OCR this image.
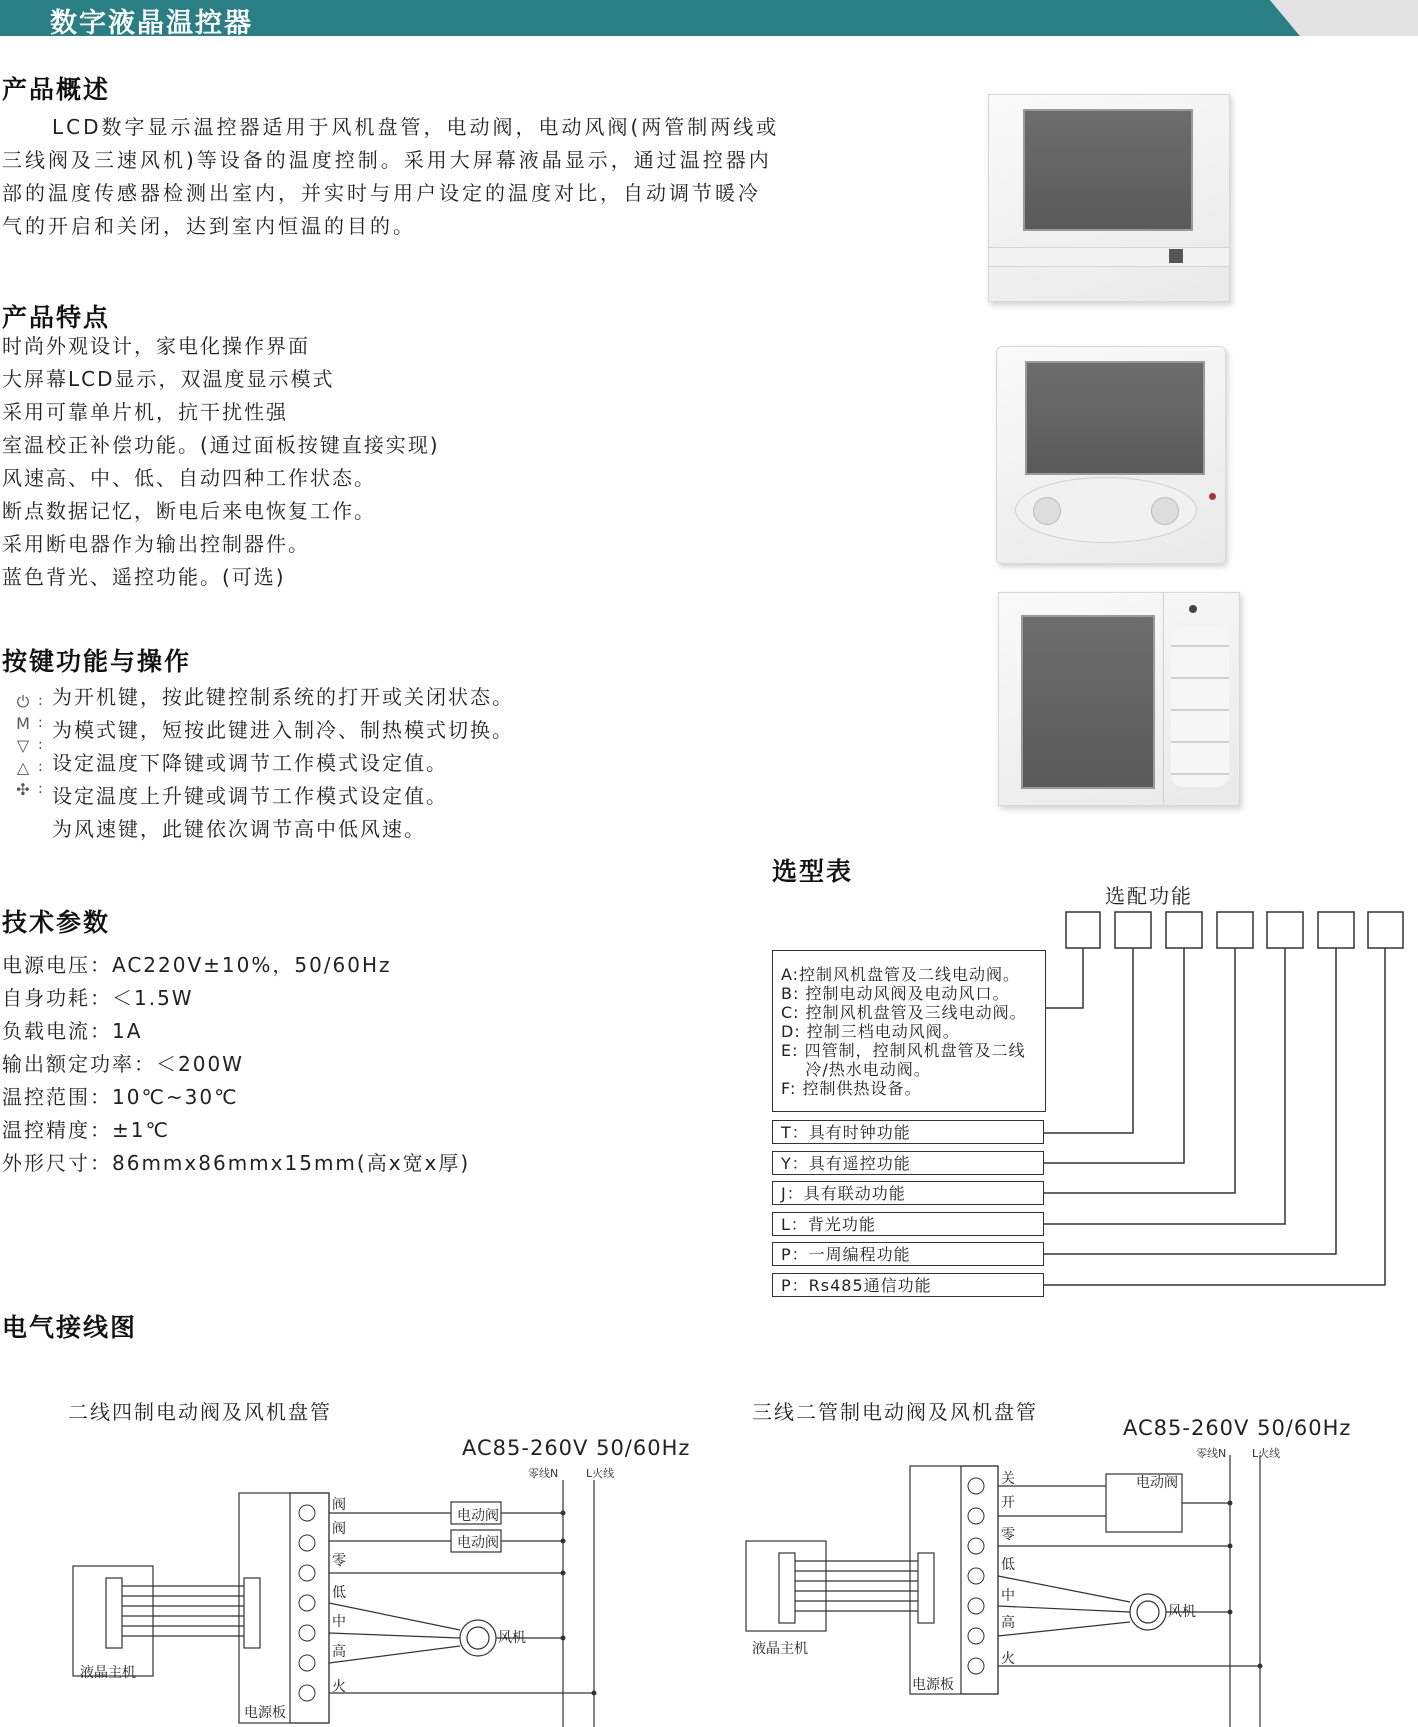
数字液晶温控器
产品概述
LCD数字显示温控器适用于风机盘管，电动阀，电动风阀(两管制两线或三线阀及三速风机)等设备的温度控制。采用大屏幕液晶显示，通过温控器内部的温度传感器检测出室内，并实时与用户设定的温度对比，自动调节暖冷气的开启和关闭，达到室内恒温的目的。
产品特点
时尚外观设计，家电化操作界面
大屏幕LCD显示，双温度显示模式
采用可靠单片机，抗干扰性强
室温校正补偿功能。(通过面板按键直接实现)
风速高、中、低、自动四种工作状态。
断点数据记忆，断电后来电恢复工作。
采用断电器作为输出控制器件。
蓝色背光、遥控功能。(可选)
按键功能与操作
⏻
M
▽
△
✣
:
:
:
:
:
为开机键，按此键控制系统的打开或关闭状态。
为模式键，短按此键进入制冷、制热模式切换。
设定温度下降键或调节工作模式设定值。
设定温度上升键或调节工作模式设定值。
为风速键，此键依次调节高中低风速。
技术参数
电源电压：AC220V±10%，50/60Hz
自身功耗：＜1.5W
负载电流：1A
输出额定功率：＜200W
温控范围：10℃~30℃
温控精度：±1℃
外形尺寸：86mmx86mmx15mm(高x宽x厚)
选型表
选配功能
A:控制风机盘管及二线电动阀。
B: 控制电动风阀及电动风口。
C: 控制风机盘管及三线电动阀。
D: 控制三档电动风阀。
E: 四管制，控制风机盘管及二线
冷/热水电动阀。
F: 控制供热设备。
T：具有时钟功能
Y：具有遥控功能
J：具有联动功能
L：背光功能
P：一周编程功能
P：Rs485通信功能
电气接线图
二线四制电动阀及风机盘管
AC85-260V 50/60Hz
零线N	L火线
阀
阀
零
低
中
高
火
电动阀
电动阀
风机
液晶主机
电源板
三线二管制电动阀及风机盘管
AC85-260V 50/60Hz
零线N L火线
关
开
零
低
中
高
火
电动阀
风机
液晶主机
电源板
